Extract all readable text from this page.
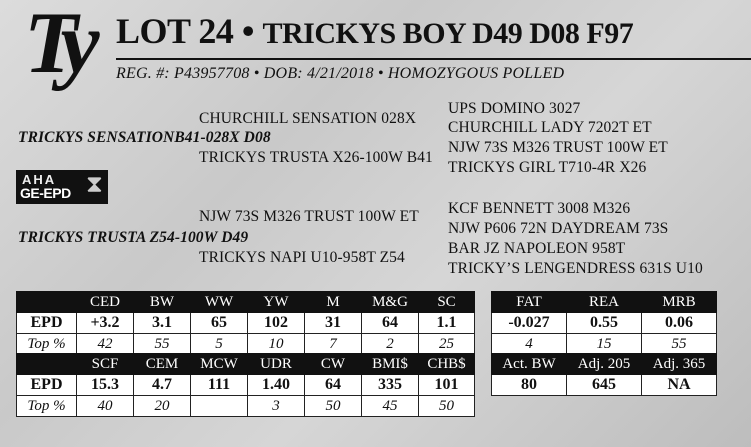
Ty LOT 24 • TRICKYS BOY D49 D08 F97
REG. #: P43957708 • DOB: 4/21/2018 • HOMOZYGOUS POLLED
CHURCHILL SENSATION 028X
TRICKYS SENSATIONB41-028X D08
TRICKYS TRUSTA X26-100W B41
UPS DOMINO 3027
CHURCHILL LADY 7202T ET
NJW 73S M326 TRUST 100W ET
TRICKYS GIRL T710-4R X26
AHA
GE-EPD ⧗
NJW 73S M326 TRUST 100W ET
TRICKYS TRUSTA Z54-100W D49
TRICKYS NAPI U10-958T Z54
KCF BENNETT 3008 M326
NJW P606 72N DAYDREAM 73S
BAR JZ NAPOLEON 958T
TRICKY’S LENGENDRESS 631S U10
	CED	BW	WW	YW	M	M&G	SC
EPD	+3.2	3.1	65	102	31	64	1.1
Top %	42	55	5	10	7	2	25
	SCF	CEM	MCW	UDR	CW	BMI$	CHB$
EPD	15.3	4.7	111	1.40	64	335	101
Top %	40	20		3	50	45	50
FAT	REA	MRB
-0.027	0.55	0.06
4	15	55
Act. BW	Adj. 205	Adj. 365
80	645	NA
